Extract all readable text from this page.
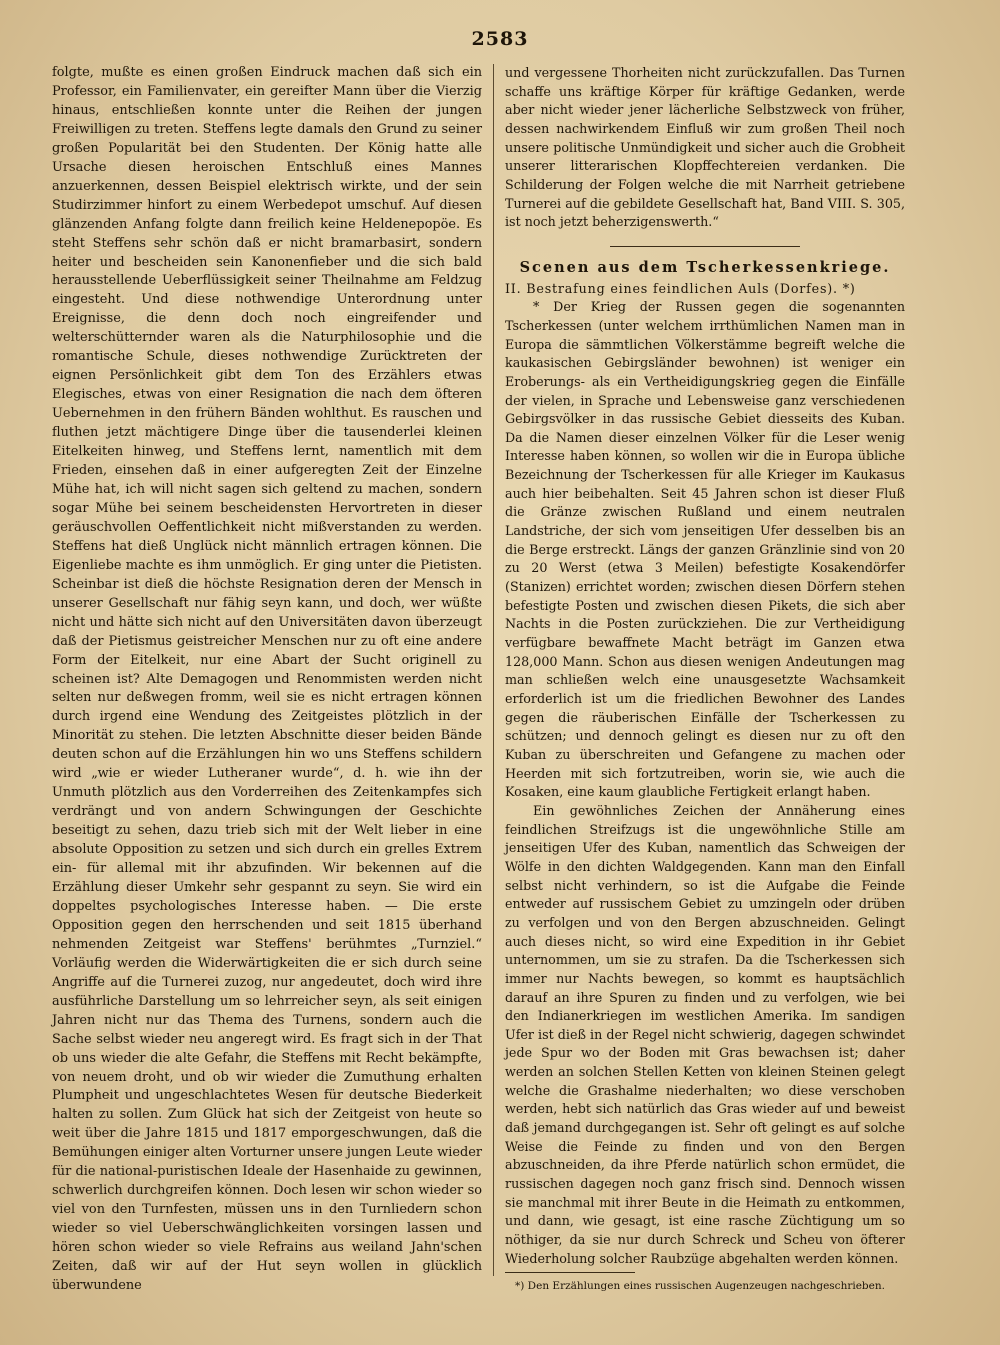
2583

folgte, mußte es einen großen Eindruck machen daß sich ein Professor, ein Familienvater, ein gereifter Mann über die Vierzig hinaus, entschließen konnte unter die Reihen der jungen Freiwilligen zu treten. Steffens legte damals den Grund zu seiner großen Popularität bei den Studenten. Der König hatte alle Ursache diesen heroischen Entschluß eines Mannes anzuerkennen, dessen Beispiel elektrisch wirkte, und der sein Studirzimmer hinfort zu einem Werbedepot umschuf. Auf diesen glänzenden Anfang folgte dann freilich keine Heldenepopöe. Es steht Steffens sehr schön daß er nicht bramarbasirt, sondern heiter und bescheiden sein Kanonenfieber und die sich bald herausstellende Ueberflüssigkeit seiner Theilnahme am Feldzug eingesteht. Und diese nothwendige Unterordnung unter Ereignisse, die denn doch noch eingreifender und welterschütternder waren als die Naturphilosophie und die romantische Schule, dieses nothwendige Zurücktreten der eignen Persönlichkeit gibt dem Ton des Erzählers etwas Elegisches, etwas von einer Resignation die nach dem öfteren Uebernehmen in den frühern Bänden wohlthut. Es rauschen und fluthen jetzt mächtigere Dinge über die tausenderlei kleinen Eitelkeiten hinweg, und Steffens lernt, namentlich mit dem Frieden, einsehen daß in einer aufgeregten Zeit der Einzelne Mühe hat, ich will nicht sagen sich geltend zu machen, sondern sogar Mühe bei seinem bescheidensten Hervortreten in dieser geräuschvollen Oeffentlichkeit nicht mißverstanden zu werden. Steffens hat dieß Unglück nicht männlich ertragen können. Die Eigenliebe machte es ihm unmöglich. Er ging unter die Pietisten. Scheinbar ist dieß die höchste Resignation deren der Mensch in unserer Gesellschaft nur fähig seyn kann, und doch, wer wüßte nicht und hätte sich nicht auf den Universitäten davon überzeugt daß der Pietismus geistreicher Menschen nur zu oft eine andere Form der Eitelkeit, nur eine Abart der Sucht originell zu scheinen ist? Alte Demagogen und Renommisten werden nicht selten nur deßwegen fromm, weil sie es nicht ertragen können durch irgend eine Wendung des Zeitgeistes plötzlich in der Minorität zu stehen. Die letzten Abschnitte dieser beiden Bände deuten schon auf die Erzählungen hin wo uns Steffens schildern wird „wie er wieder Lutheraner wurde“, d. h. wie ihn der Unmuth plötzlich aus den Vorderreihen des Zeitenkampfes sich verdrängt und von andern Schwingungen der Geschichte beseitigt zu sehen, dazu trieb sich mit der Welt lieber in eine absolute Opposition zu setzen und sich durch ein grelles Extrem ein- für allemal mit ihr abzufinden. Wir bekennen auf die Erzählung dieser Umkehr sehr gespannt zu seyn. Sie wird ein doppeltes psychologisches Interesse haben. — Die erste Opposition gegen den herrschenden und seit 1815 überhand nehmenden Zeitgeist war Steffens' berühmtes „Turnziel.“ Vorläufig werden die Widerwärtigkeiten die er sich durch seine Angriffe auf die Turnerei zuzog, nur angedeutet, doch wird ihre ausführliche Darstellung um so lehrreicher seyn, als seit einigen Jahren nicht nur das Thema des Turnens, sondern auch die Sache selbst wieder neu angeregt wird. Es fragt sich in der That ob uns wieder die alte Gefahr, die Steffens mit Recht bekämpfte, von neuem droht, und ob wir wieder die Zumuthung erhalten Plumpheit und ungeschlachtetes Wesen für deutsche Biederkeit halten zu sollen. Zum Glück hat sich der Zeitgeist von heute so weit über die Jahre 1815 und 1817 emporgeschwungen, daß die Bemühungen einiger alten Vorturner unsere jungen Leute wieder für die national-puristischen Ideale der Hasenhaide zu gewinnen, schwerlich durchgreifen können. Doch lesen wir schon wieder so viel von den Turnfesten, müssen uns in den Turnliedern schon wieder so viel Ueberschwänglichkeiten vorsingen lassen und hören schon wieder so viele Refrains aus weiland Jahn'schen Zeiten, daß wir auf der Hut seyn wollen in glücklich überwundene

und vergessene Thorheiten nicht zurückzufallen. Das Turnen schaffe uns kräftige Körper für kräftige Gedanken, werde aber nicht wieder jener lächerliche Selbstzweck von früher, dessen nachwirkendem Einfluß wir zum großen Theil noch unsere politische Unmündigkeit und sicher auch die Grobheit unserer litterarischen Klopffechtereien verdanken. Die Schilderung der Folgen welche die mit Narrheit getriebene Turnerei auf die gebildete Gesellschaft hat, Band VIII. S. 305, ist noch jetzt beherzigenswerth.“

Scenen aus dem Tscherkessenkriege.

II. Bestrafung eines feindlichen Auls (Dorfes). *)

* Der Krieg der Russen gegen die sogenannten Tscherkessen (unter welchem irrthümlichen Namen man in Europa die sämmtlichen Völkerstämme begreift welche die kaukasischen Gebirgsländer bewohnen) ist weniger ein Eroberungs- als ein Vertheidigungskrieg gegen die Einfälle der vielen, in Sprache und Lebensweise ganz verschiedenen Gebirgsvölker in das russische Gebiet diesseits des Kuban. Da die Namen dieser einzelnen Völker für die Leser wenig Interesse haben können, so wollen wir die in Europa übliche Bezeichnung der Tscherkessen für alle Krieger im Kaukasus auch hier beibehalten. Seit 45 Jahren schon ist dieser Fluß die Gränze zwischen Rußland und einem neutralen Landstriche, der sich vom jenseitigen Ufer desselben bis an die Berge erstreckt. Längs der ganzen Gränzlinie sind von 20 zu 20 Werst (etwa 3 Meilen) befestigte Kosakendörfer (Stanizen) errichtet worden; zwischen diesen Dörfern stehen befestigte Posten und zwischen diesen Pikets, die sich aber Nachts in die Posten zurückziehen. Die zur Vertheidigung verfügbare bewaffnete Macht beträgt im Ganzen etwa 128,000 Mann. Schon aus diesen wenigen Andeutungen mag man schließen welch eine unausgesetzte Wachsamkeit erforderlich ist um die friedlichen Bewohner des Landes gegen die räuberischen Einfälle der Tscherkessen zu schützen; und dennoch gelingt es diesen nur zu oft den Kuban zu überschreiten und Gefangene zu machen oder Heerden mit sich fortzutreiben, worin sie, wie auch die Kosaken, eine kaum glaubliche Fertigkeit erlangt haben.

Ein gewöhnliches Zeichen der Annäherung eines feindlichen Streifzugs ist die ungewöhnliche Stille am jenseitigen Ufer des Kuban, namentlich das Schweigen der Wölfe in den dichten Waldgegenden. Kann man den Einfall selbst nicht verhindern, so ist die Aufgabe die Feinde entweder auf russischem Gebiet zu umzingeln oder drüben zu verfolgen und von den Bergen abzuschneiden. Gelingt auch dieses nicht, so wird eine Expedition in ihr Gebiet unternommen, um sie zu strafen. Da die Tscherkessen sich immer nur Nachts bewegen, so kommt es hauptsächlich darauf an ihre Spuren zu finden und zu verfolgen, wie bei den Indianerkriegen im westlichen Amerika. Im sandigen Ufer ist dieß in der Regel nicht schwierig, dagegen schwindet jede Spur wo der Boden mit Gras bewachsen ist; daher werden an solchen Stellen Ketten von kleinen Steinen gelegt welche die Grashalme niederhalten; wo diese verschoben werden, hebt sich natürlich das Gras wieder auf und beweist daß jemand durchgegangen ist. Sehr oft gelingt es auf solche Weise die Feinde zu finden und von den Bergen abzuschneiden, da ihre Pferde natürlich schon ermüdet, die russischen dagegen noch ganz frisch sind. Dennoch wissen sie manchmal mit ihrer Beute in die Heimath zu entkommen, und dann, wie gesagt, ist eine rasche Züchtigung um so nöthiger, da sie nur durch Schreck und Scheu von öfterer Wiederholung solcher Raubzüge abgehalten werden können.

*) Den Erzählungen eines russischen Augenzeugen nachgeschrieben.
